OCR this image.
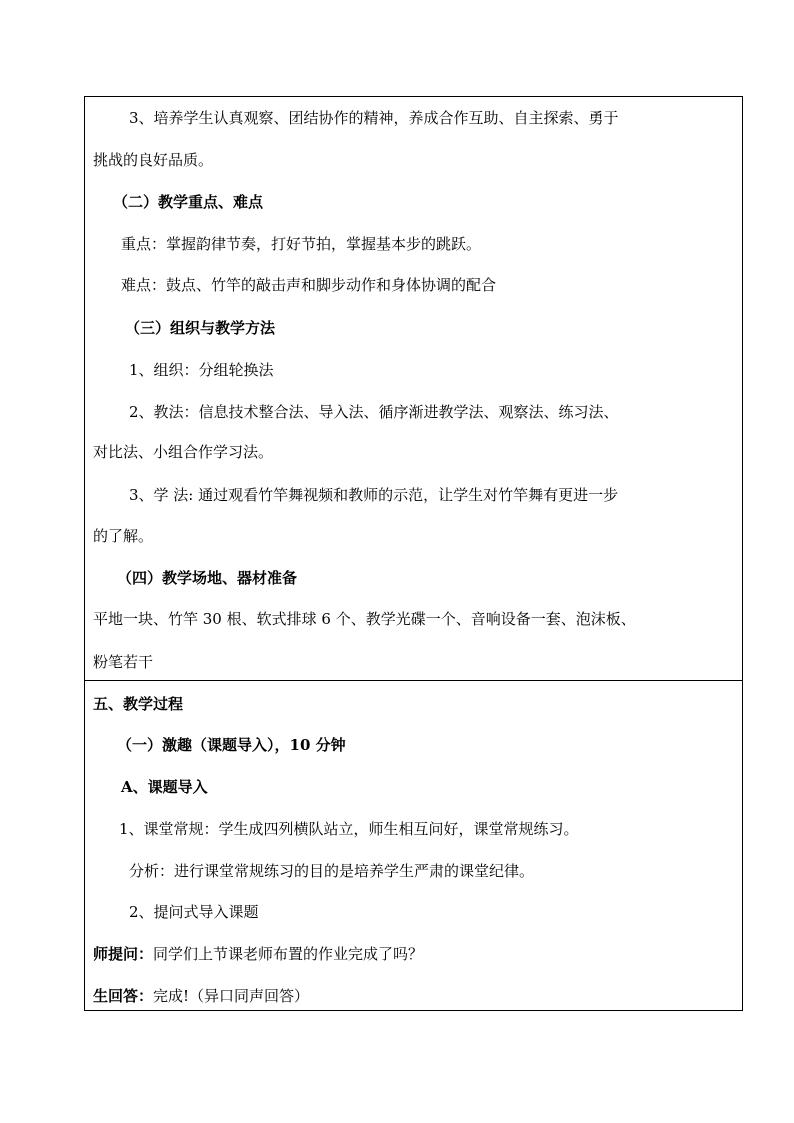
3、培养学生认真观察、团结协作的精神，养成合作互助、自主探索、勇于
挑战的良好品质。
（二）教学重点、难点
重点：掌握韵律节奏，打好节拍，掌握基本步的跳跃。
难点：鼓点、竹竿的敲击声和脚步动作和身体协调的配合
（三）组织与教学方法
1、组织：分组轮换法
2、教法：信息技术整合法、导入法、循序渐进教学法、观察法、练习法、
对比法、小组合作学习法。
3、学 法: 通过观看竹竿舞视频和教师的示范，让学生对竹竿舞有更进一步
的了解。
（四）教学场地、器材准备
平地一块、竹竿 30 根、软式排球 6 个、教学光碟一个、音响设备一套、泡沫板、
粉笔若干
五、教学过程
（一）激趣（课题导入），10 分钟
A、课题导入
1、课堂常规：学生成四列横队站立，师生相互问好，课堂常规练习。
分析：进行课堂常规练习的目的是培养学生严肃的课堂纪律。
2、提问式导入课题
师提问：同学们上节课老师布置的作业完成了吗？
生回答：完成!（异口同声回答）
